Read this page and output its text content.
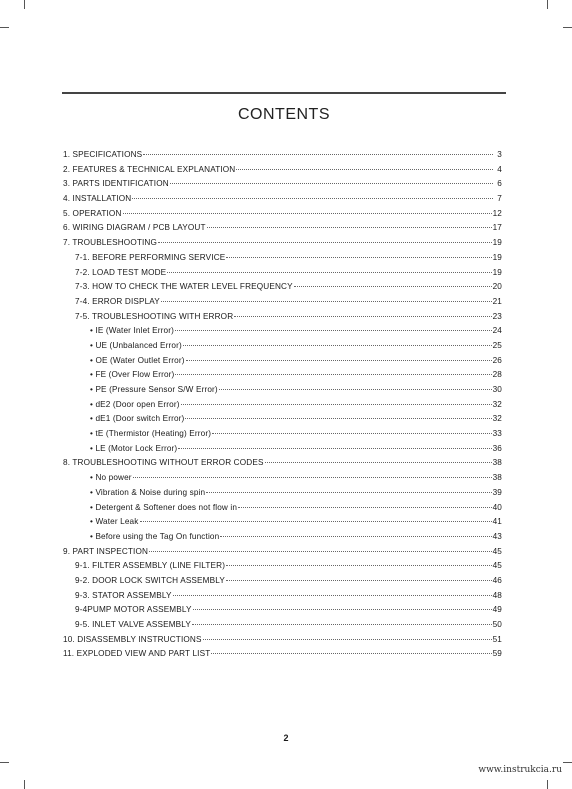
CONTENTS
1. SPECIFICATIONS	3
2. FEATURES & TECHNICAL EXPLANATION	4
3. PARTS IDENTIFICATION	6
4. INSTALLATION	7
5. OPERATION	12
6. WIRING DIAGRAM / PCB LAYOUT	17
7. TROUBLESHOOTING	19
7-1. BEFORE PERFORMING SERVICE	19
7-2. LOAD TEST MODE	19
7-3. HOW TO CHECK THE WATER LEVEL FREQUENCY	20
7-4. ERROR DISPLAY	21
7-5. TROUBLESHOOTING WITH ERROR	23
• IE (Water Inlet Error)	24
• UE (Unbalanced Error)	25
• OE (Water Outlet Error)	26
• FE (Over Flow Error)	28
• PE (Pressure Sensor S/W Error)	30
• dE2 (Door open Error)	32
• dE1 (Door switch Error)	32
• tE (Thermistor (Heating) Error)	33
• LE (Motor Lock Error)	36
8. TROUBLESHOOTING WITHOUT ERROR CODES	38
• No power	38
• Vibration & Noise during spin	39
• Detergent & Softener does not flow in	40
• Water Leak	41
• Before using the Tag On function	43
9. PART INSPECTION	45
9-1. FILTER ASSEMBLY (LINE FILTER)	45
9-2. DOOR LOCK SWITCH ASSEMBLY	46
9-3. STATOR ASSEMBLY	48
9-4PUMP MOTOR ASSEMBLY	49
9-5. INLET VALVE ASSEMBLY	50
10. DISASSEMBLY INSTRUCTIONS	51
11. EXPLODED VIEW AND PART LIST	59
2
www.instrukcia.ru
